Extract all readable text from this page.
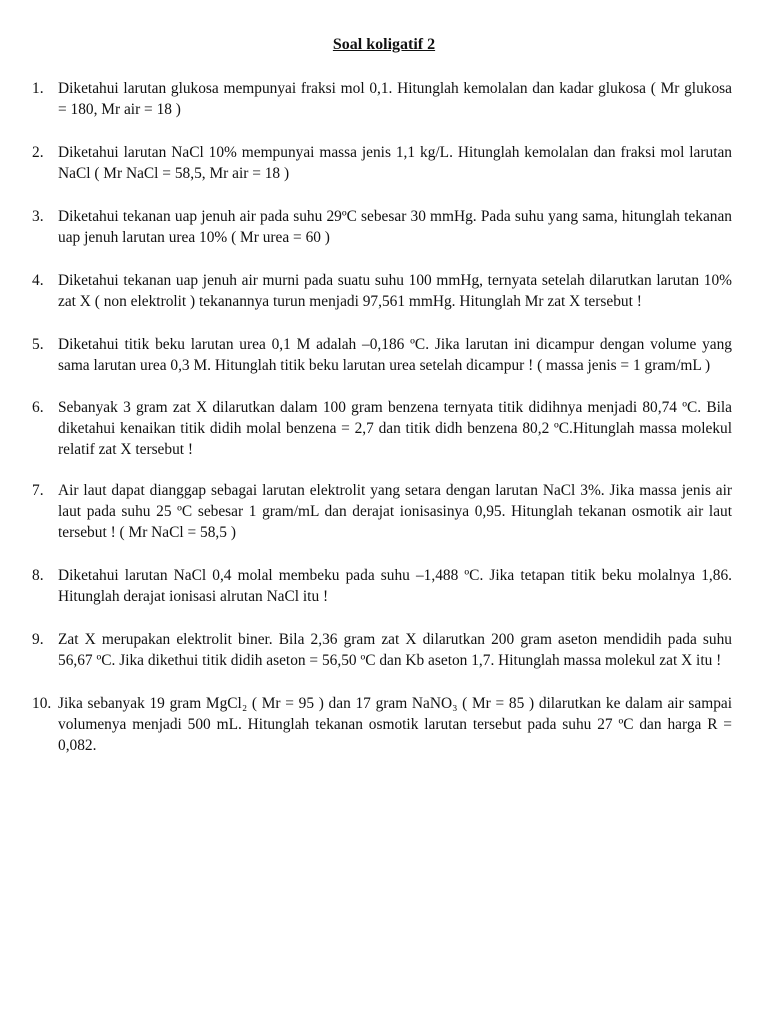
Soal koligatif 2
1. Diketahui larutan glukosa mempunyai fraksi mol 0,1. Hitunglah kemolalan dan kadar glukosa ( Mr glukosa = 180, Mr air = 18 )
2. Diketahui larutan NaCl 10% mempunyai massa jenis 1,1 kg/L. Hitunglah kemolalan dan fraksi mol larutan NaCl ( Mr NaCl = 58,5, Mr air = 18 )
3. Diketahui tekanan uap jenuh air pada suhu 29ºC sebesar 30 mmHg. Pada suhu yang sama, hitunglah tekanan uap jenuh larutan urea 10% ( Mr urea = 60 )
4. Diketahui tekanan uap jenuh air murni pada suatu suhu 100 mmHg, ternyata setelah dilarutkan larutan 10% zat X ( non elektrolit ) tekanannya turun menjadi 97,561 mmHg. Hitunglah Mr zat X tersebut !
5. Diketahui titik beku larutan urea 0,1 M adalah –0,186 ºC. Jika larutan ini dicampur dengan volume yang sama larutan urea 0,3 M. Hitunglah titik beku larutan urea setelah dicampur ! ( massa jenis = 1 gram/mL )
6. Sebanyak 3 gram zat X dilarutkan dalam 100 gram benzena ternyata titik didihnya menjadi 80,74 ºC. Bila diketahui kenaikan titik didih molal benzena = 2,7 dan titik didh benzena 80,2 ºC.Hitunglah massa molekul relatif zat X tersebut !
7. Air laut dapat dianggap sebagai larutan elektrolit yang setara dengan larutan NaCl 3%. Jika massa jenis air laut pada suhu 25 ºC sebesar 1 gram/mL dan derajat ionisasinya 0,95. Hitunglah tekanan osmotik air laut tersebut ! ( Mr NaCl = 58,5 )
8. Diketahui larutan NaCl 0,4 molal membeku pada suhu –1,488 ºC. Jika tetapan titik beku molalnya 1,86. Hitunglah derajat ionisasi alrutan NaCl itu !
9. Zat X merupakan elektrolit biner. Bila 2,36 gram zat X dilarutkan 200 gram aseton mendidih pada suhu 56,67 ºC. Jika dikethui titik didih aseton = 56,50 ºC dan Kb aseton 1,7. Hitunglah massa molekul zat X itu !
10. Jika sebanyak 19 gram MgCl₂ ( Mr = 95 ) dan 17 gram NaNO₃ ( Mr = 85 ) dilarutkan ke dalam air sampai volumenya menjadi 500 mL. Hitunglah tekanan osmotik larutan tersebut pada suhu 27 ºC dan harga R = 0,082.
